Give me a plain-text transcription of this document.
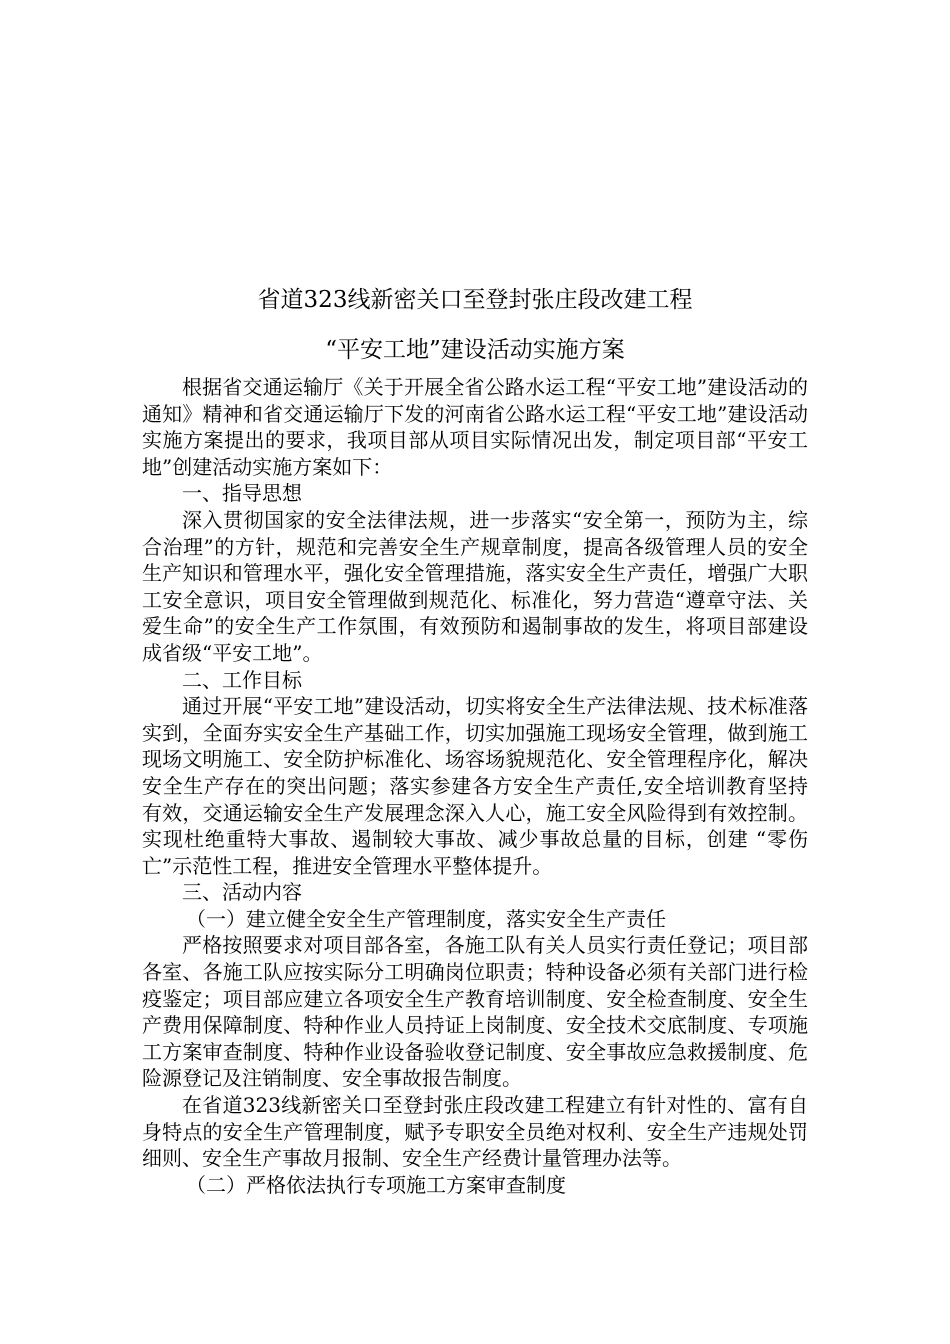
省道323线新密关口至登封张庄段改建工程
“平安工地”建设活动实施方案

根据省交通运输厅《关于开展全省公路水运工程“平安工地”建设活动的通知》精神和省交通运输厅下发的河南省公路水运工程“平安工地”建设活动实施方案提出的要求，我项目部从项目实际情况出发，制定项目部“平安工地”创建活动实施方案如下：

一、指导思想

深入贯彻国家的安全法律法规，进一步落实“安全第一，预防为主，综合治理”的方针，规范和完善安全生产规章制度，提高各级管理人员的安全生产知识和管理水平，强化安全管理措施，落实安全生产责任，增强广大职工安全意识，项目安全管理做到规范化、标准化，努力营造“遵章守法、关爱生命”的安全生产工作氛围，有效预防和遏制事故的发生，将项目部建设成省级“平安工地”。

二、工作目标

通过开展“平安工地”建设活动，切实将安全生产法律法规、技术标准落实到，全面夯实安全生产基础工作，切实加强施工现场安全管理，做到施工现场文明施工、安全防护标准化、场容场貌规范化、安全管理程序化，解决安全生产存在的突出问题；落实参建各方安全生产责任,安全培训教育坚持有效，交通运输安全生产发展理念深入人心，施工安全风险得到有效控制。实现杜绝重特大事故、遏制较大事故、减少事故总量的目标，创建 “零伤亡”示范性工程，推进安全管理水平整体提升。

三、活动内容

（一）建立健全安全生产管理制度，落实安全生产责任

严格按照要求对项目部各室，各施工队有关人员实行责任登记；项目部各室、各施工队应按实际分工明确岗位职责；特种设备必须有关部门进行检疫鉴定；项目部应建立各项安全生产教育培训制度、安全检查制度、安全生产费用保障制度、特种作业人员持证上岗制度、安全技术交底制度、专项施工方案审查制度、特种作业设备验收登记制度、安全事故应急救援制度、危险源登记及注销制度、安全事故报告制度。

在省道323线新密关口至登封张庄段改建工程建立有针对性的、富有自身特点的安全生产管理制度，赋予专职安全员绝对权利、安全生产违规处罚细则、安全生产事故月报制、安全生产经费计量管理办法等。

（二）严格依法执行专项施工方案审查制度
